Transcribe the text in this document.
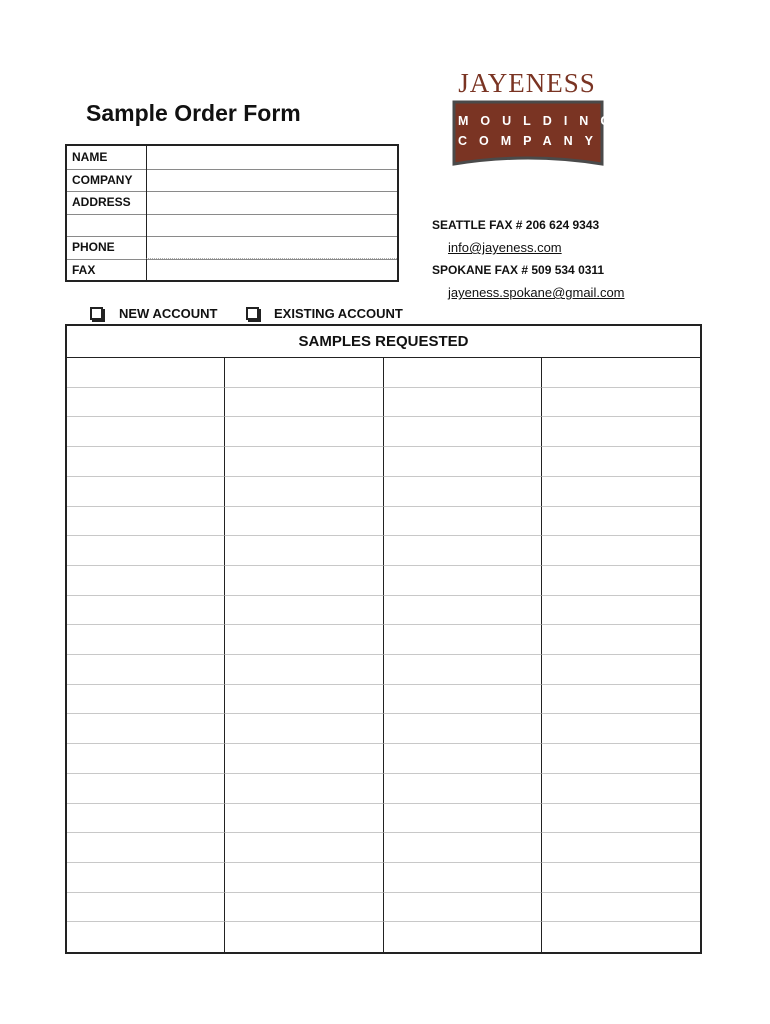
Sample Order Form
NAME
COMPANY
ADDRESS
PHONE
FAX
JAYENESS
MOULDING
COMPANY
SEATTLE FAX # 206 624 9343
info@jayeness.com
SPOKANE FAX # 509 534 0311
jayeness.spokane@gmail.com
NEW ACCOUNT	EXISTING ACCOUNT
SAMPLES REQUESTED
